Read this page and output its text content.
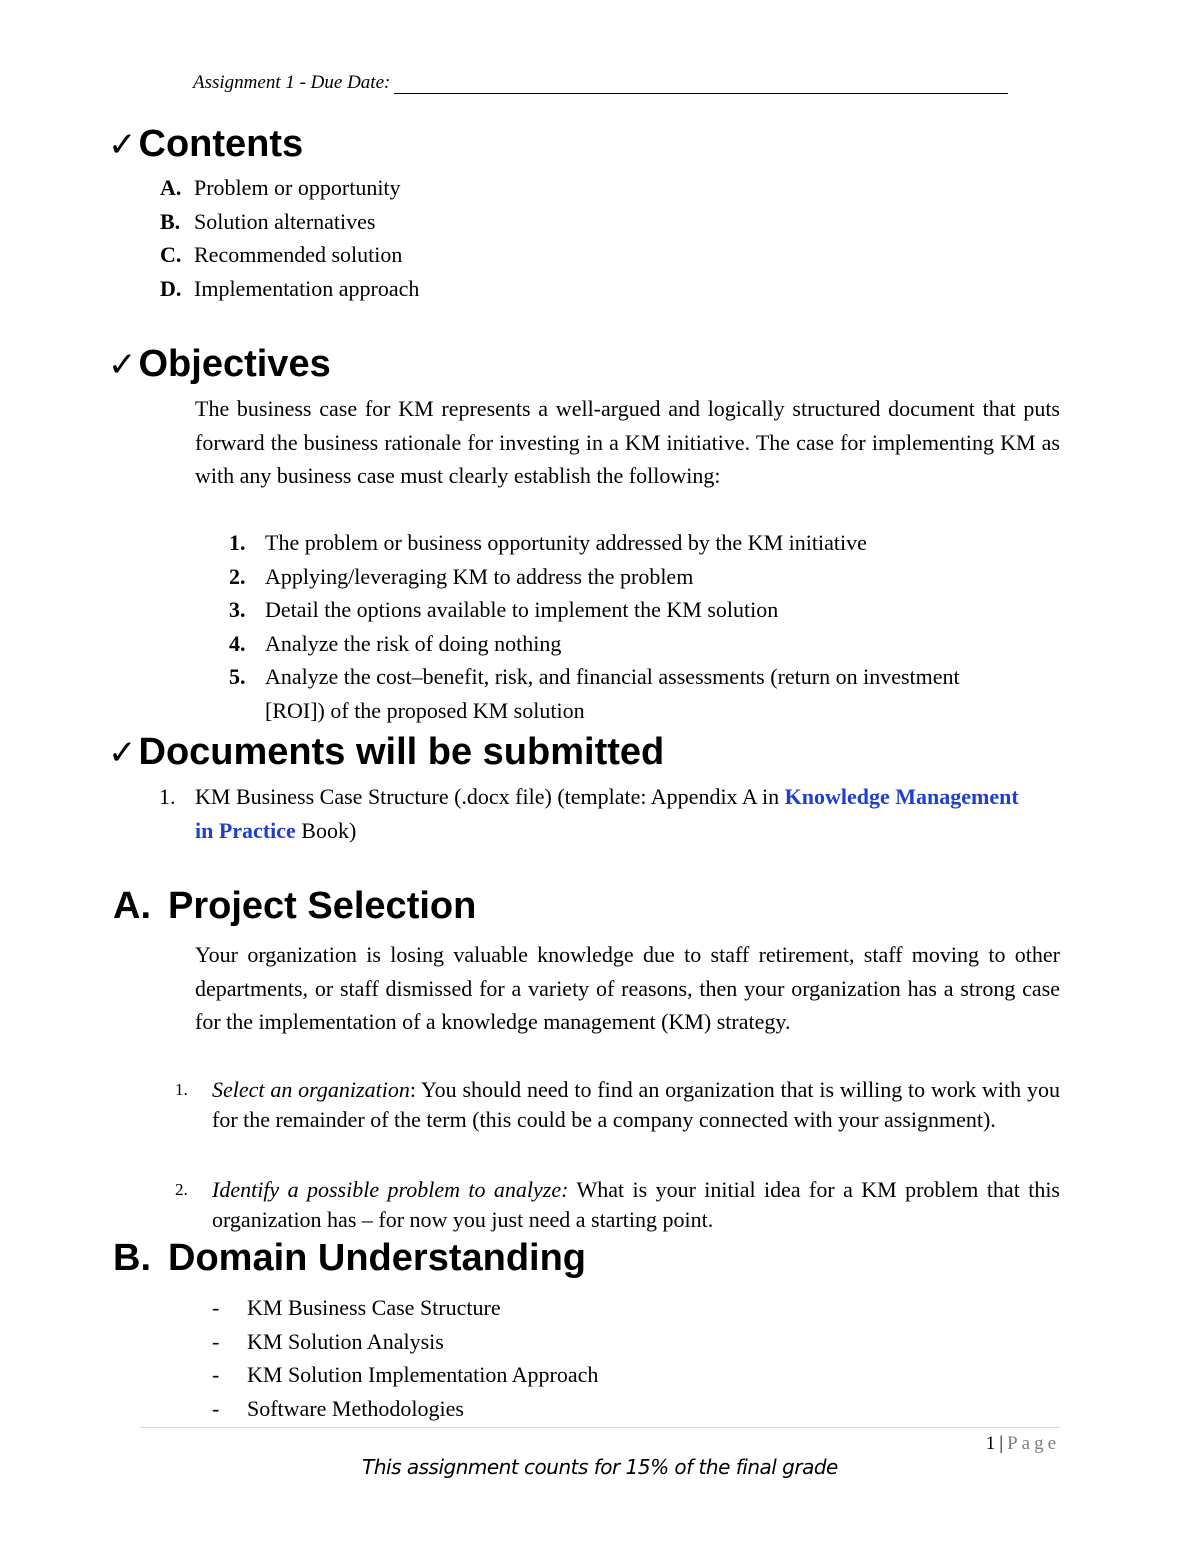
Assignment 1 - Due Date:
✓Contents
A. Problem or opportunity
B. Solution alternatives
C. Recommended solution
D. Implementation approach
✓Objectives
The business case for KM represents a well-argued and logically structured document that puts forward the business rationale for investing in a KM initiative. The case for implementing KM as with any business case must clearly establish the following:
1. The problem or business opportunity addressed by the KM initiative
2. Applying/leveraging KM to address the problem
3. Detail the options available to implement the KM solution
4. Analyze the risk of doing nothing
5. Analyze the cost–benefit, risk, and financial assessments (return on investment [ROI]) of the proposed KM solution
✓Documents will be submitted
1. KM Business Case Structure (.docx file) (template: Appendix A in Knowledge Management in Practice Book)
A. Project Selection
Your organization is losing valuable knowledge due to staff retirement, staff moving to other departments, or staff dismissed for a variety of reasons, then your organization has a strong case for the implementation of a knowledge management (KM) strategy.
1. Select an organization: You should need to find an organization that is willing to work with you for the remainder of the term (this could be a company connected with your assignment).
2. Identify a possible problem to analyze: What is your initial idea for a KM problem that this organization has – for now you just need a starting point.
B. Domain Understanding
- KM Business Case Structure
- KM Solution Analysis
- KM Solution Implementation Approach
- Software Methodologies
1 | Page
This assignment counts for 15% of the final grade
